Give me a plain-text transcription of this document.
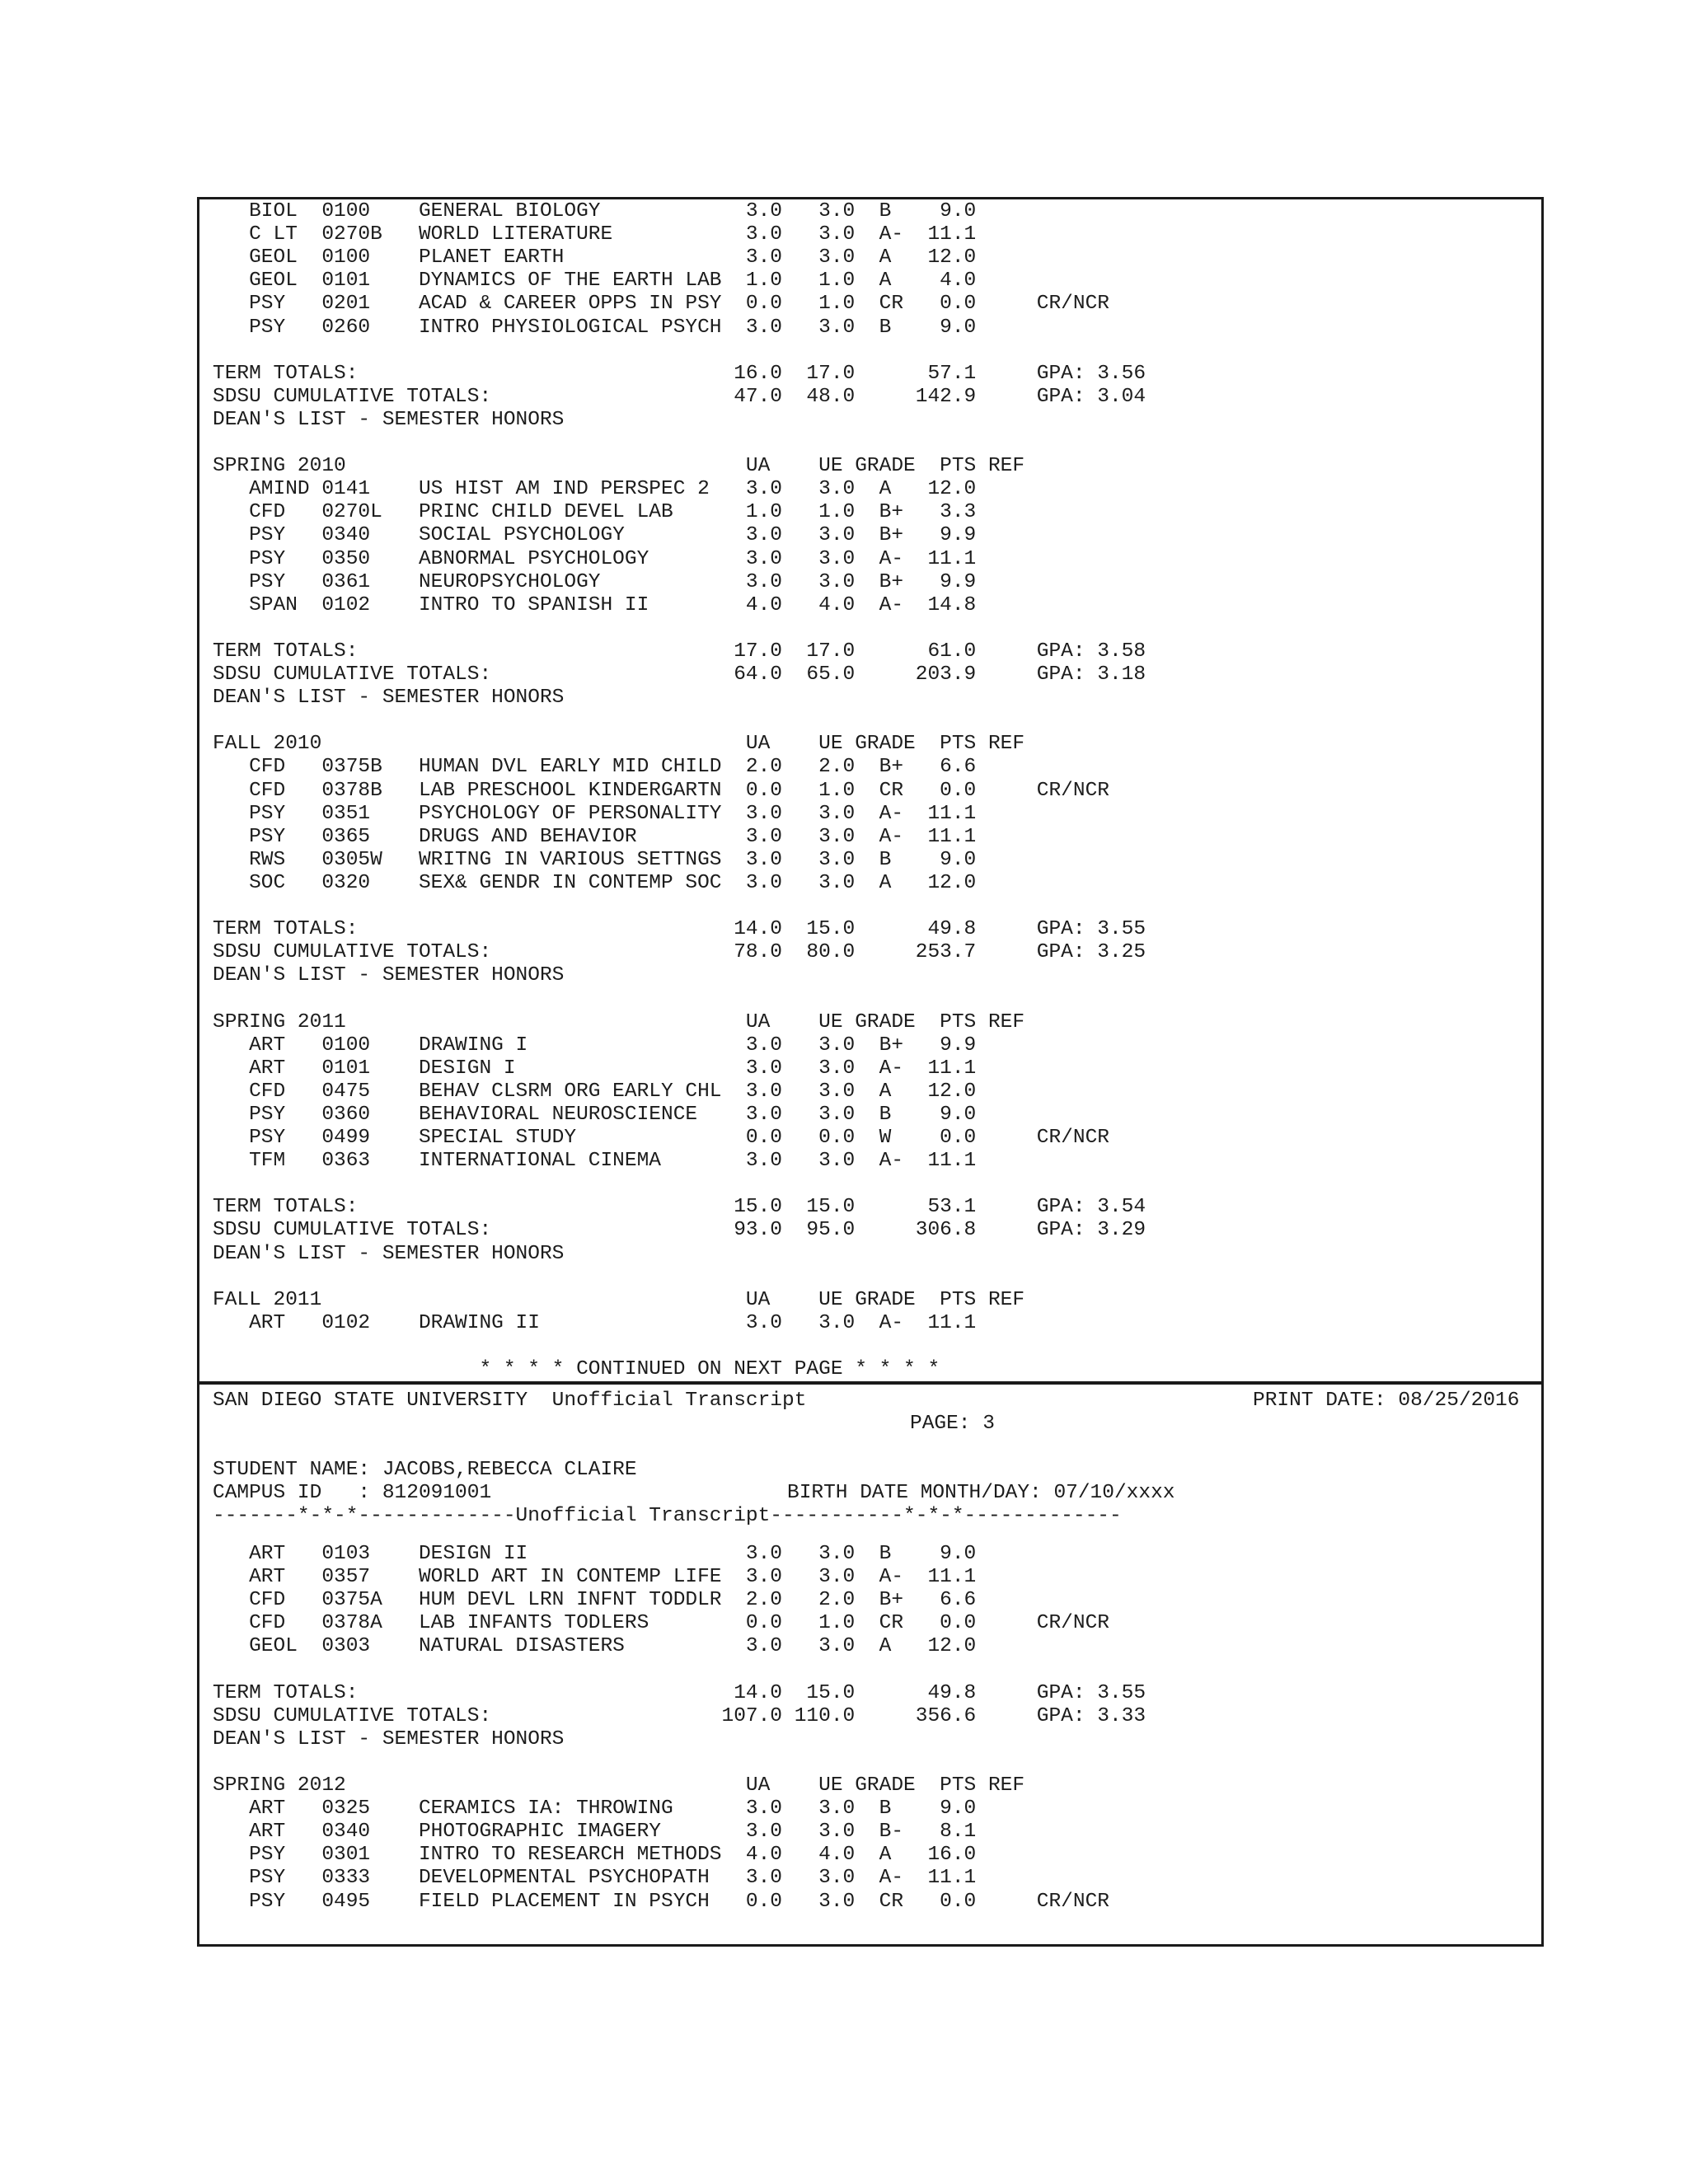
BIOL  0100    GENERAL BIOLOGY            3.0   3.0  B    9.0
C LT  0270B   WORLD LITERATURE           3.0   3.0  A-  11.1
GEOL  0100    PLANET EARTH               3.0   3.0  A   12.0
GEOL  0101    DYNAMICS OF THE EARTH LAB  1.0   1.0  A    4.0
PSY   0201    ACAD & CAREER OPPS IN PSY  0.0   1.0  CR   0.0     CR/NCR
PSY   0260    INTRO PHYSIOLOGICAL PSYCH  3.0   3.0  B    9.0
TERM TOTALS:                               16.0  17.0      57.1     GPA: 3.56
SDSU CUMULATIVE TOTALS:                    47.0  48.0     142.9     GPA: 3.04
DEAN'S LIST - SEMESTER HONORS
SPRING 2010                                 UA    UE GRADE  PTS REF
AMIND 0141    US HIST AM IND PERSPEC 2   3.0   3.0  A   12.0
CFD   0270L   PRINC CHILD DEVEL LAB      1.0   1.0  B+   3.3
PSY   0340    SOCIAL PSYCHOLOGY          3.0   3.0  B+   9.9
PSY   0350    ABNORMAL PSYCHOLOGY        3.0   3.0  A-  11.1
PSY   0361    NEUROPSYCHOLOGY            3.0   3.0  B+   9.9
SPAN  0102    INTRO TO SPANISH II        4.0   4.0  A-  14.8
TERM TOTALS:                               17.0  17.0      61.0     GPA: 3.58
SDSU CUMULATIVE TOTALS:                    64.0  65.0     203.9     GPA: 3.18
DEAN'S LIST - SEMESTER HONORS
FALL 2010                                   UA    UE GRADE  PTS REF
CFD   0375B   HUMAN DVL EARLY MID CHILD  2.0   2.0  B+   6.6
CFD   0378B   LAB PRESCHOOL KINDERGARTN  0.0   1.0  CR   0.0     CR/NCR
PSY   0351    PSYCHOLOGY OF PERSONALITY  3.0   3.0  A-  11.1
PSY   0365    DRUGS AND BEHAVIOR         3.0   3.0  A-  11.1
RWS   0305W   WRITNG IN VARIOUS SETTNGS  3.0   3.0  B    9.0
SOC   0320    SEX& GENDR IN CONTEMP SOC  3.0   3.0  A   12.0
TERM TOTALS:                               14.0  15.0      49.8     GPA: 3.55
SDSU CUMULATIVE TOTALS:                    78.0  80.0     253.7     GPA: 3.25
DEAN'S LIST - SEMESTER HONORS
SPRING 2011                                 UA    UE GRADE  PTS REF
ART   0100    DRAWING I                  3.0   3.0  B+   9.9
ART   0101    DESIGN I                   3.0   3.0  A-  11.1
CFD   0475    BEHAV CLSRM ORG EARLY CHL  3.0   3.0  A   12.0
PSY   0360    BEHAVIORAL NEUROSCIENCE    3.0   3.0  B    9.0
PSY   0499    SPECIAL STUDY              0.0   0.0  W    0.0     CR/NCR
TFM   0363    INTERNATIONAL CINEMA       3.0   3.0  A-  11.1
TERM TOTALS:                               15.0  15.0      53.1     GPA: 3.54
SDSU CUMULATIVE TOTALS:                    93.0  95.0     306.8     GPA: 3.29
DEAN'S LIST - SEMESTER HONORS
FALL 2011                                   UA    UE GRADE  PTS REF
ART   0102    DRAWING II                 3.0   3.0  A-  11.1
* * * * CONTINUED ON NEXT PAGE * * * *
SAN DIEGO STATE UNIVERSITY  Unofficial Transcript	PRINT DATE: 08/25/2016
PAGE: 3
STUDENT NAME: JACOBS,REBECCA CLAIRE
CAMPUS ID   : 812091001	BIRTH DATE MONTH/DAY: 07/10/xxxx
-------*-*-*-------------Unofficial Transcript-----------*-*-*-------------
ART   0103    DESIGN II                  3.0   3.0  B    9.0
ART   0357    WORLD ART IN CONTEMP LIFE  3.0   3.0  A-  11.1
CFD   0375A   HUM DEVL LRN INFNT TODDLR  2.0   2.0  B+   6.6
CFD   0378A   LAB INFANTS TODLERS        0.0   1.0  CR   0.0     CR/NCR
GEOL  0303    NATURAL DISASTERS          3.0   3.0  A   12.0
TERM TOTALS:                               14.0  15.0      49.8     GPA: 3.55
SDSU CUMULATIVE TOTALS:                   107.0 110.0     356.6     GPA: 3.33
DEAN'S LIST - SEMESTER HONORS
SPRING 2012                                 UA    UE GRADE  PTS REF
ART   0325    CERAMICS IA: THROWING      3.0   3.0  B    9.0
ART   0340    PHOTOGRAPHIC IMAGERY       3.0   3.0  B-   8.1
PSY   0301    INTRO TO RESEARCH METHODS  4.0   4.0  A   16.0
PSY   0333    DEVELOPMENTAL PSYCHOPATH   3.0   3.0  A-  11.1
PSY   0495    FIELD PLACEMENT IN PSYCH   0.0   3.0  CR   0.0     CR/NCR
